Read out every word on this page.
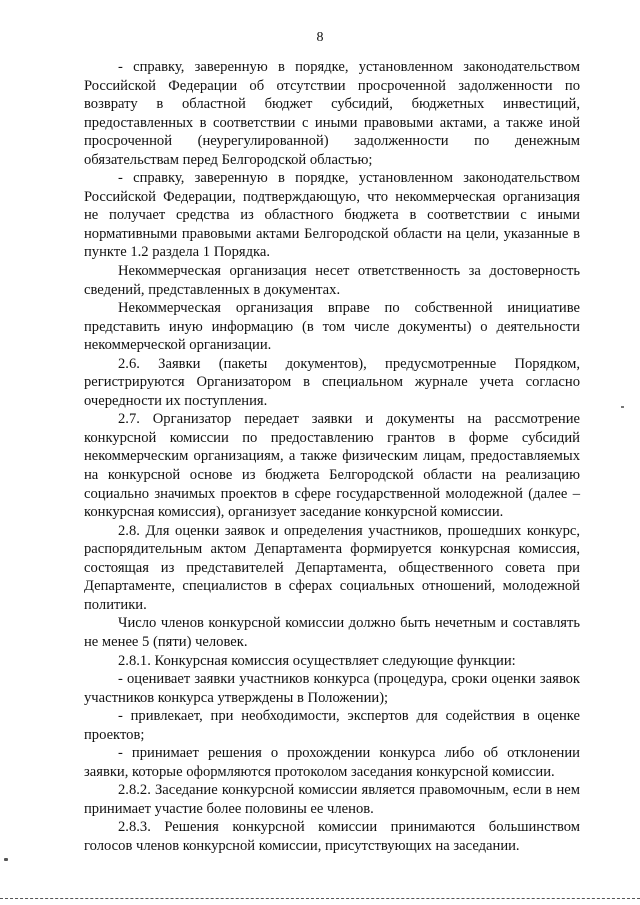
8

- справку, заверенную в порядке, установленном законодательством Российской Федерации об отсутствии просроченной задолженности по возврату в областной бюджет субсидий, бюджетных инвестиций, предоставленных в соответствии с иными правовыми актами, а также иной просроченной (неурегулированной) задолженности по денежным обязательствам перед Белгородской областью;

- справку, заверенную в порядке, установленном законодательством Российской Федерации, подтверждающую, что некоммерческая организация не получает средства из областного бюджета в соответствии с иными нормативными правовыми актами Белгородской области на цели, указанные в пункте 1.2 раздела 1 Порядка.

Некоммерческая организация несет ответственность за достоверность сведений, представленных в документах.

Некоммерческая организация вправе по собственной инициативе представить иную информацию (в том числе документы) о деятельности некоммерческой организации.

2.6. Заявки (пакеты документов), предусмотренные Порядком, регистрируются Организатором в специальном журнале учета согласно очередности их поступления.

2.7. Организатор передает заявки и документы на рассмотрение конкурсной комиссии по предоставлению грантов в форме субсидий некоммерческим организациям, а также физическим лицам, предоставляемых на конкурсной основе из бюджета Белгородской области на реализацию социально значимых проектов в сфере государственной молодежной (далее – конкурсная комиссия), организует заседание конкурсной комиссии.

2.8. Для оценки заявок и определения участников, прошедших конкурс, распорядительным актом Департамента формируется конкурсная комиссия, состоящая из представителей Департамента, общественного совета при Департаменте, специалистов в сферах социальных отношений, молодежной политики.

Число членов конкурсной комиссии должно быть нечетным и составлять не менее 5 (пяти) человек.

2.8.1. Конкурсная комиссия осуществляет следующие функции:

- оценивает заявки участников конкурса (процедура, сроки оценки заявок участников конкурса утверждены в Положении);

- привлекает, при необходимости, экспертов для содействия в оценке проектов;

- принимает решения о прохождении конкурса либо об отклонении заявки, которые оформляются протоколом заседания конкурсной комиссии.

2.8.2. Заседание конкурсной комиссии является правомочным, если в нем принимает участие более половины ее членов.

2.8.3. Решения конкурсной комиссии принимаются большинством голосов членов конкурсной комиссии, присутствующих на заседании.
